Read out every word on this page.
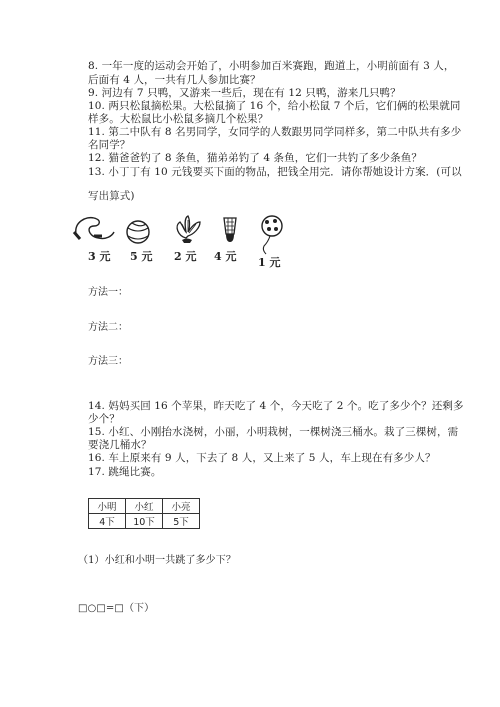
8. 一年一度的运动会开始了，小明参加百米赛跑，跑道上，小明前面有 3 人，
后面有 4 人，一共有几人参加比赛？
9. 河边有 7 只鸭，又游来一些后，现在有 12 只鸭，游来几只鸭？
10. 两只松鼠摘松果。大松鼠摘了 16 个，给小松鼠 7 个后，它们俩的松果就同
样多。大松鼠比小松鼠多摘几个松果？
11. 第二中队有 8 名男同学，女同学的人数跟男同学同样多，第二中队共有多少
名同学？
12. 猫爸爸钓了 8 条鱼，猫弟弟钓了 4 条鱼，它们一共钓了多少条鱼？
13. 小丁丁有 10 元钱要买下面的物品，把钱全用完．请你帮她设计方案．(可以
写出算式)
3 元 5 元 2 元 4 元 1 元
方法一：
方法二：
方法三：
14. 妈妈买回 16 个苹果，昨天吃了 4 个，今天吃了 2 个。吃了多少个？还剩多
少个？
15. 小红、小刚抬水浇树，小丽，小明栽树，一棵树浇三桶水。栽了三棵树，需
要浇几桶水？
16. 车上原来有 9 人，下去了 8 人，又上来了 5 人，车上现在有多少人？
17. 跳绳比赛。
小明	小红	小亮
4下	10下	5下
（1）小红和小明一共跳了多少下？
□○□=□（下）
